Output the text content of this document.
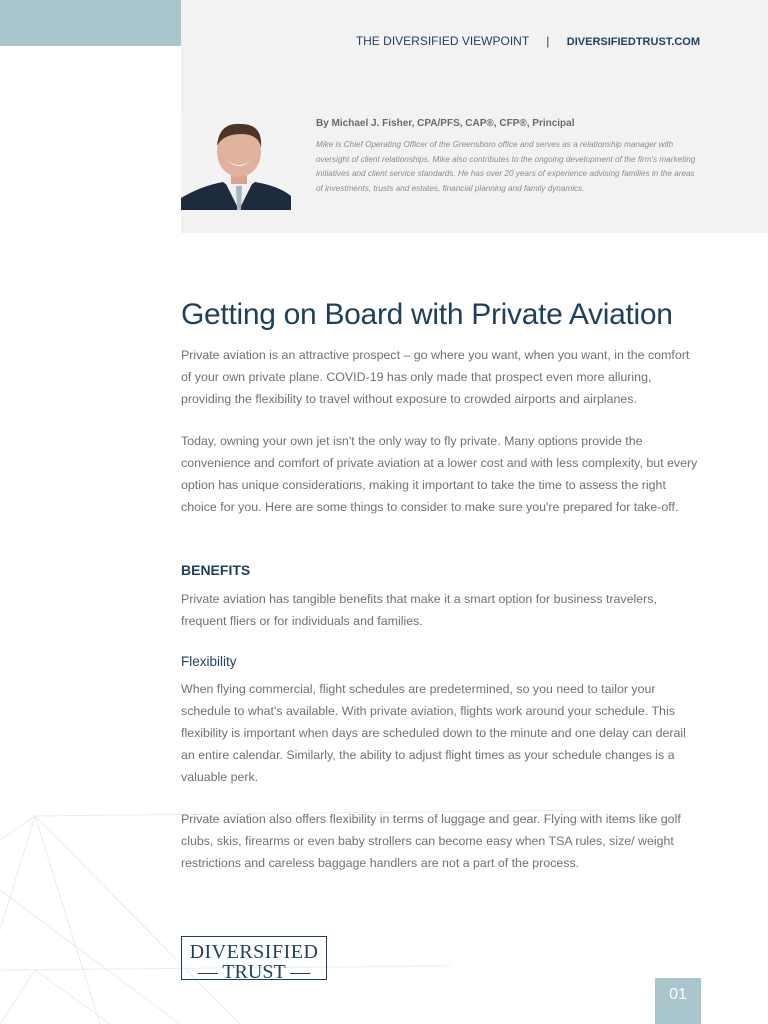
THE DIVERSIFIED VIEWPOINT | DIVERSIFIEDTRUST.COM
By Michael J. Fisher, CPA/PFS, CAP®, CFP®, Principal

Mike is Chief Operating Officer of the Greensboro office and serves as a relationship manager with oversight of client relationships. Mike also contributes to the ongoing development of the firm's marketing initiatives and client service standards. He has over 20 years of experience advising families in the areas of investments, trusts and estates, financial planning and family dynamics.

Getting on Board with Private Aviation

Private aviation is an attractive prospect – go where you want, when you want, in the comfort of your own private plane. COVID-19 has only made that prospect even more alluring, providing the flexibility to travel without exposure to crowded airports and airplanes.

Today, owning your own jet isn't the only way to fly private. Many options provide the convenience and comfort of private aviation at a lower cost and with less complexity, but every option has unique considerations, making it important to take the time to assess the right choice for you. Here are some things to consider to make sure you're prepared for take-off.

BENEFITS

Private aviation has tangible benefits that make it a smart option for business travelers, frequent fliers or for individuals and families.

Flexibility

When flying commercial, flight schedules are predetermined, so you need to tailor your schedule to what's available. With private aviation, flights work around your schedule. This flexibility is important when days are scheduled down to the minute and one delay can derail an entire calendar. Similarly, the ability to adjust flight times as your schedule changes is a valuable perk.

Private aviation also offers flexibility in terms of luggage and gear. Flying with items like golf clubs, skis, firearms or even baby strollers can become easy when TSA rules, size/ weight restrictions and careless baggage handlers are not a part of the process.

DIVERSIFIED
— TRUST —
01
